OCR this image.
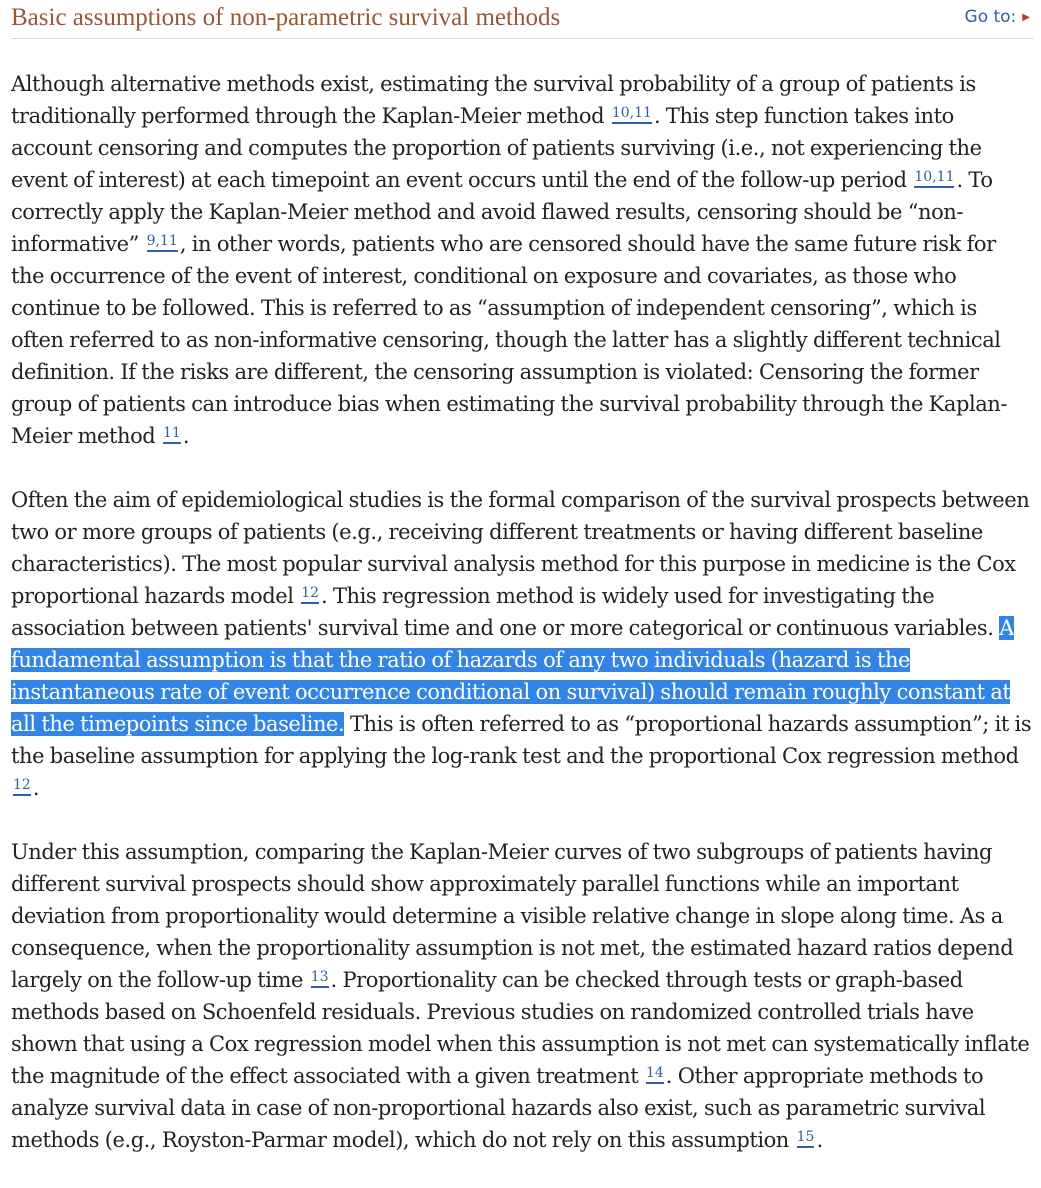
Basic assumptions of non-parametric survival methods	Go to: ▶

Although alternative methods exist, estimating the survival probability of a group of patients is traditionally performed through the Kaplan-Meier method $^{10,11}$. This step function takes into account censoring and computes the proportion of patients surviving (i.e., not experiencing the event of interest) at each timepoint an event occurs until the end of the follow-up period $^{10,11}$. To correctly apply the Kaplan-Meier method and avoid flawed results, censoring should be “non-informative” $^{9,11}$, in other words, patients who are censored should have the same future risk for the occurrence of the event of interest, conditional on exposure and covariates, as those who continue to be followed. This is referred to as “assumption of independent censoring”, which is often referred to as non-informative censoring, though the latter has a slightly different technical definition. If the risks are different, the censoring assumption is violated: Censoring the former group of patients can introduce bias when estimating the survival probability through the Kaplan-Meier method $^{11}$.

Often the aim of epidemiological studies is the formal comparison of the survival prospects between two or more groups of patients (e.g., receiving different treatments or having different baseline characteristics). The most popular survival analysis method for this purpose in medicine is the Cox proportional hazards model $^{12}$. This regression method is widely used for investigating the association between patients' survival time and one or more categorical or continuous variables. A fundamental assumption is that the ratio of hazards of any two individuals (hazard is the instantaneous rate of event occurrence conditional on survival) should remain roughly constant at all the timepoints since baseline. This is often referred to as “proportional hazards assumption”; it is the baseline assumption for applying the log-rank test and the proportional Cox regression method $^{12}$.

Under this assumption, comparing the Kaplan-Meier curves of two subgroups of patients having different survival prospects should show approximately parallel functions while an important deviation from proportionality would determine a visible relative change in slope along time. As a consequence, when the proportionality assumption is not met, the estimated hazard ratios depend largely on the follow-up time $^{13}$. Proportionality can be checked through tests or graph-based methods based on Schoenfeld residuals. Previous studies on randomized controlled trials have shown that using a Cox regression model when this assumption is not met can systematically inflate the magnitude of the effect associated with a given treatment $^{14}$. Other appropriate methods to analyze survival data in case of non-proportional hazards also exist, such as parametric survival methods (e.g., Royston-Parmar model), which do not rely on this assumption $^{15}$.
